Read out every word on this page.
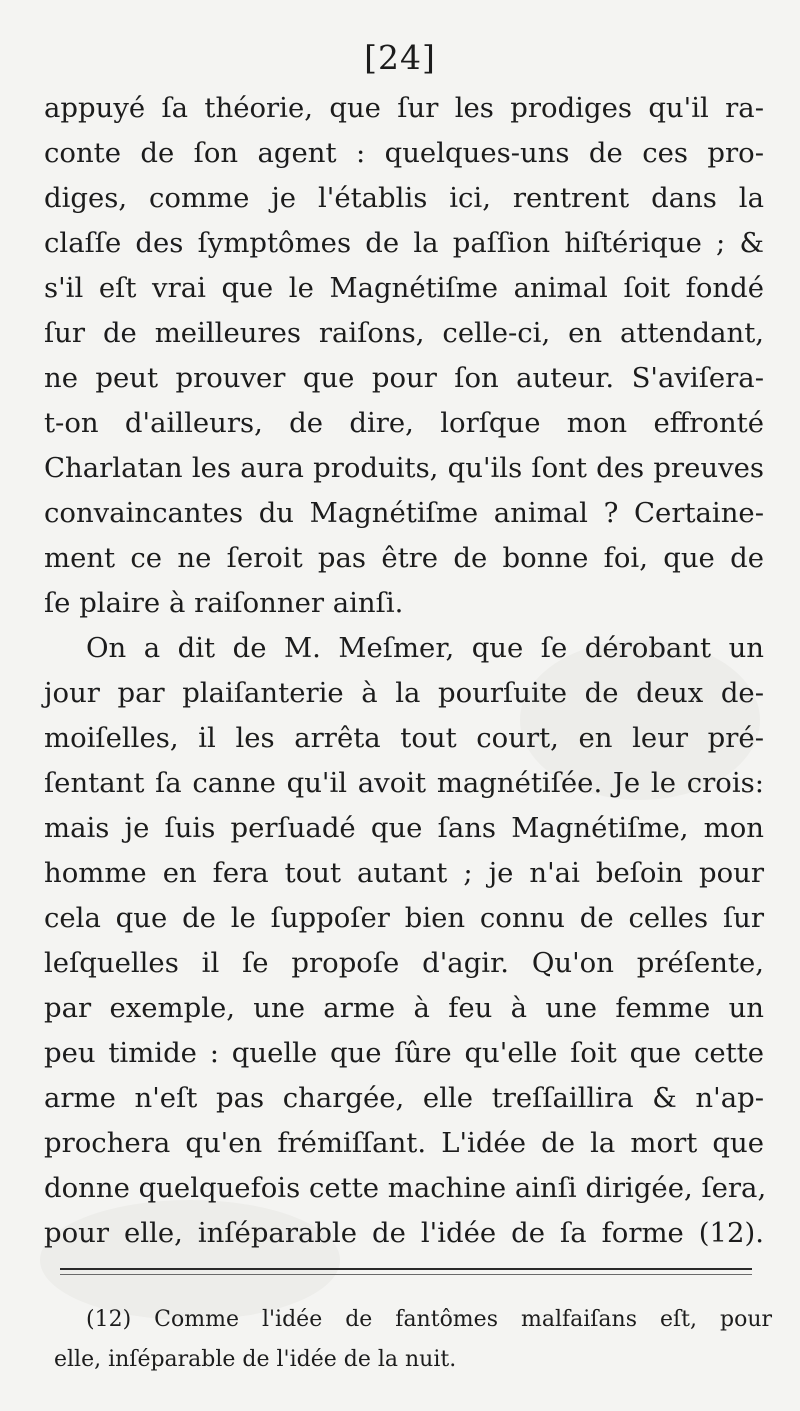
[24]
appuyé ſa théorie, que ſur les prodiges qu'il ra-
conte de ſon agent : quelques-uns de ces pro-
diges, comme je l'établis ici, rentrent dans la
claſſe des ſymptômes de la paſſion hiſtérique ; &
s'il eſt vrai que le Magnétiſme animal ſoit fondé
ſur de meilleures raiſons, celle-ci, en attendant,
ne peut prouver que pour ſon auteur. S'aviſera-
t-on d'ailleurs, de dire, lorſque mon effronté
Charlatan les aura produits, qu'ils ſont des preuves
convaincantes du Magnétiſme animal ? Certaine-
ment ce ne ſeroit pas être de bonne foi, que de
ſe plaire à raiſonner ainſi.
On a dit de M. Meſmer, que ſe dérobant un
jour par plaiſanterie à la pourſuite de deux de-
moiſelles, il les arrêta tout court, en leur pré-
ſentant ſa canne qu'il avoit magnétiſée. Je le crois:
mais je ſuis perſuadé que ſans Magnétiſme, mon
homme en fera tout autant ; je n'ai beſoin pour
cela que de le ſuppoſer bien connu de celles ſur
leſquelles il ſe propoſe d'agir. Qu'on préſente,
par exemple, une arme à feu à une femme un
peu timide : quelle que ſûre qu'elle ſoit que cette
arme n'eſt pas chargée, elle treſſaillira & n'ap-
prochera qu'en frémiſſant. L'idée de la mort que
donne quelquefois cette machine ainſi dirigée, ſera,
pour elle, inſéparable de l'idée de ſa forme (12).
(12) Comme l'idée de fantômes malfaiſans eſt, pour
elle, inſéparable de l'idée de la nuit.
